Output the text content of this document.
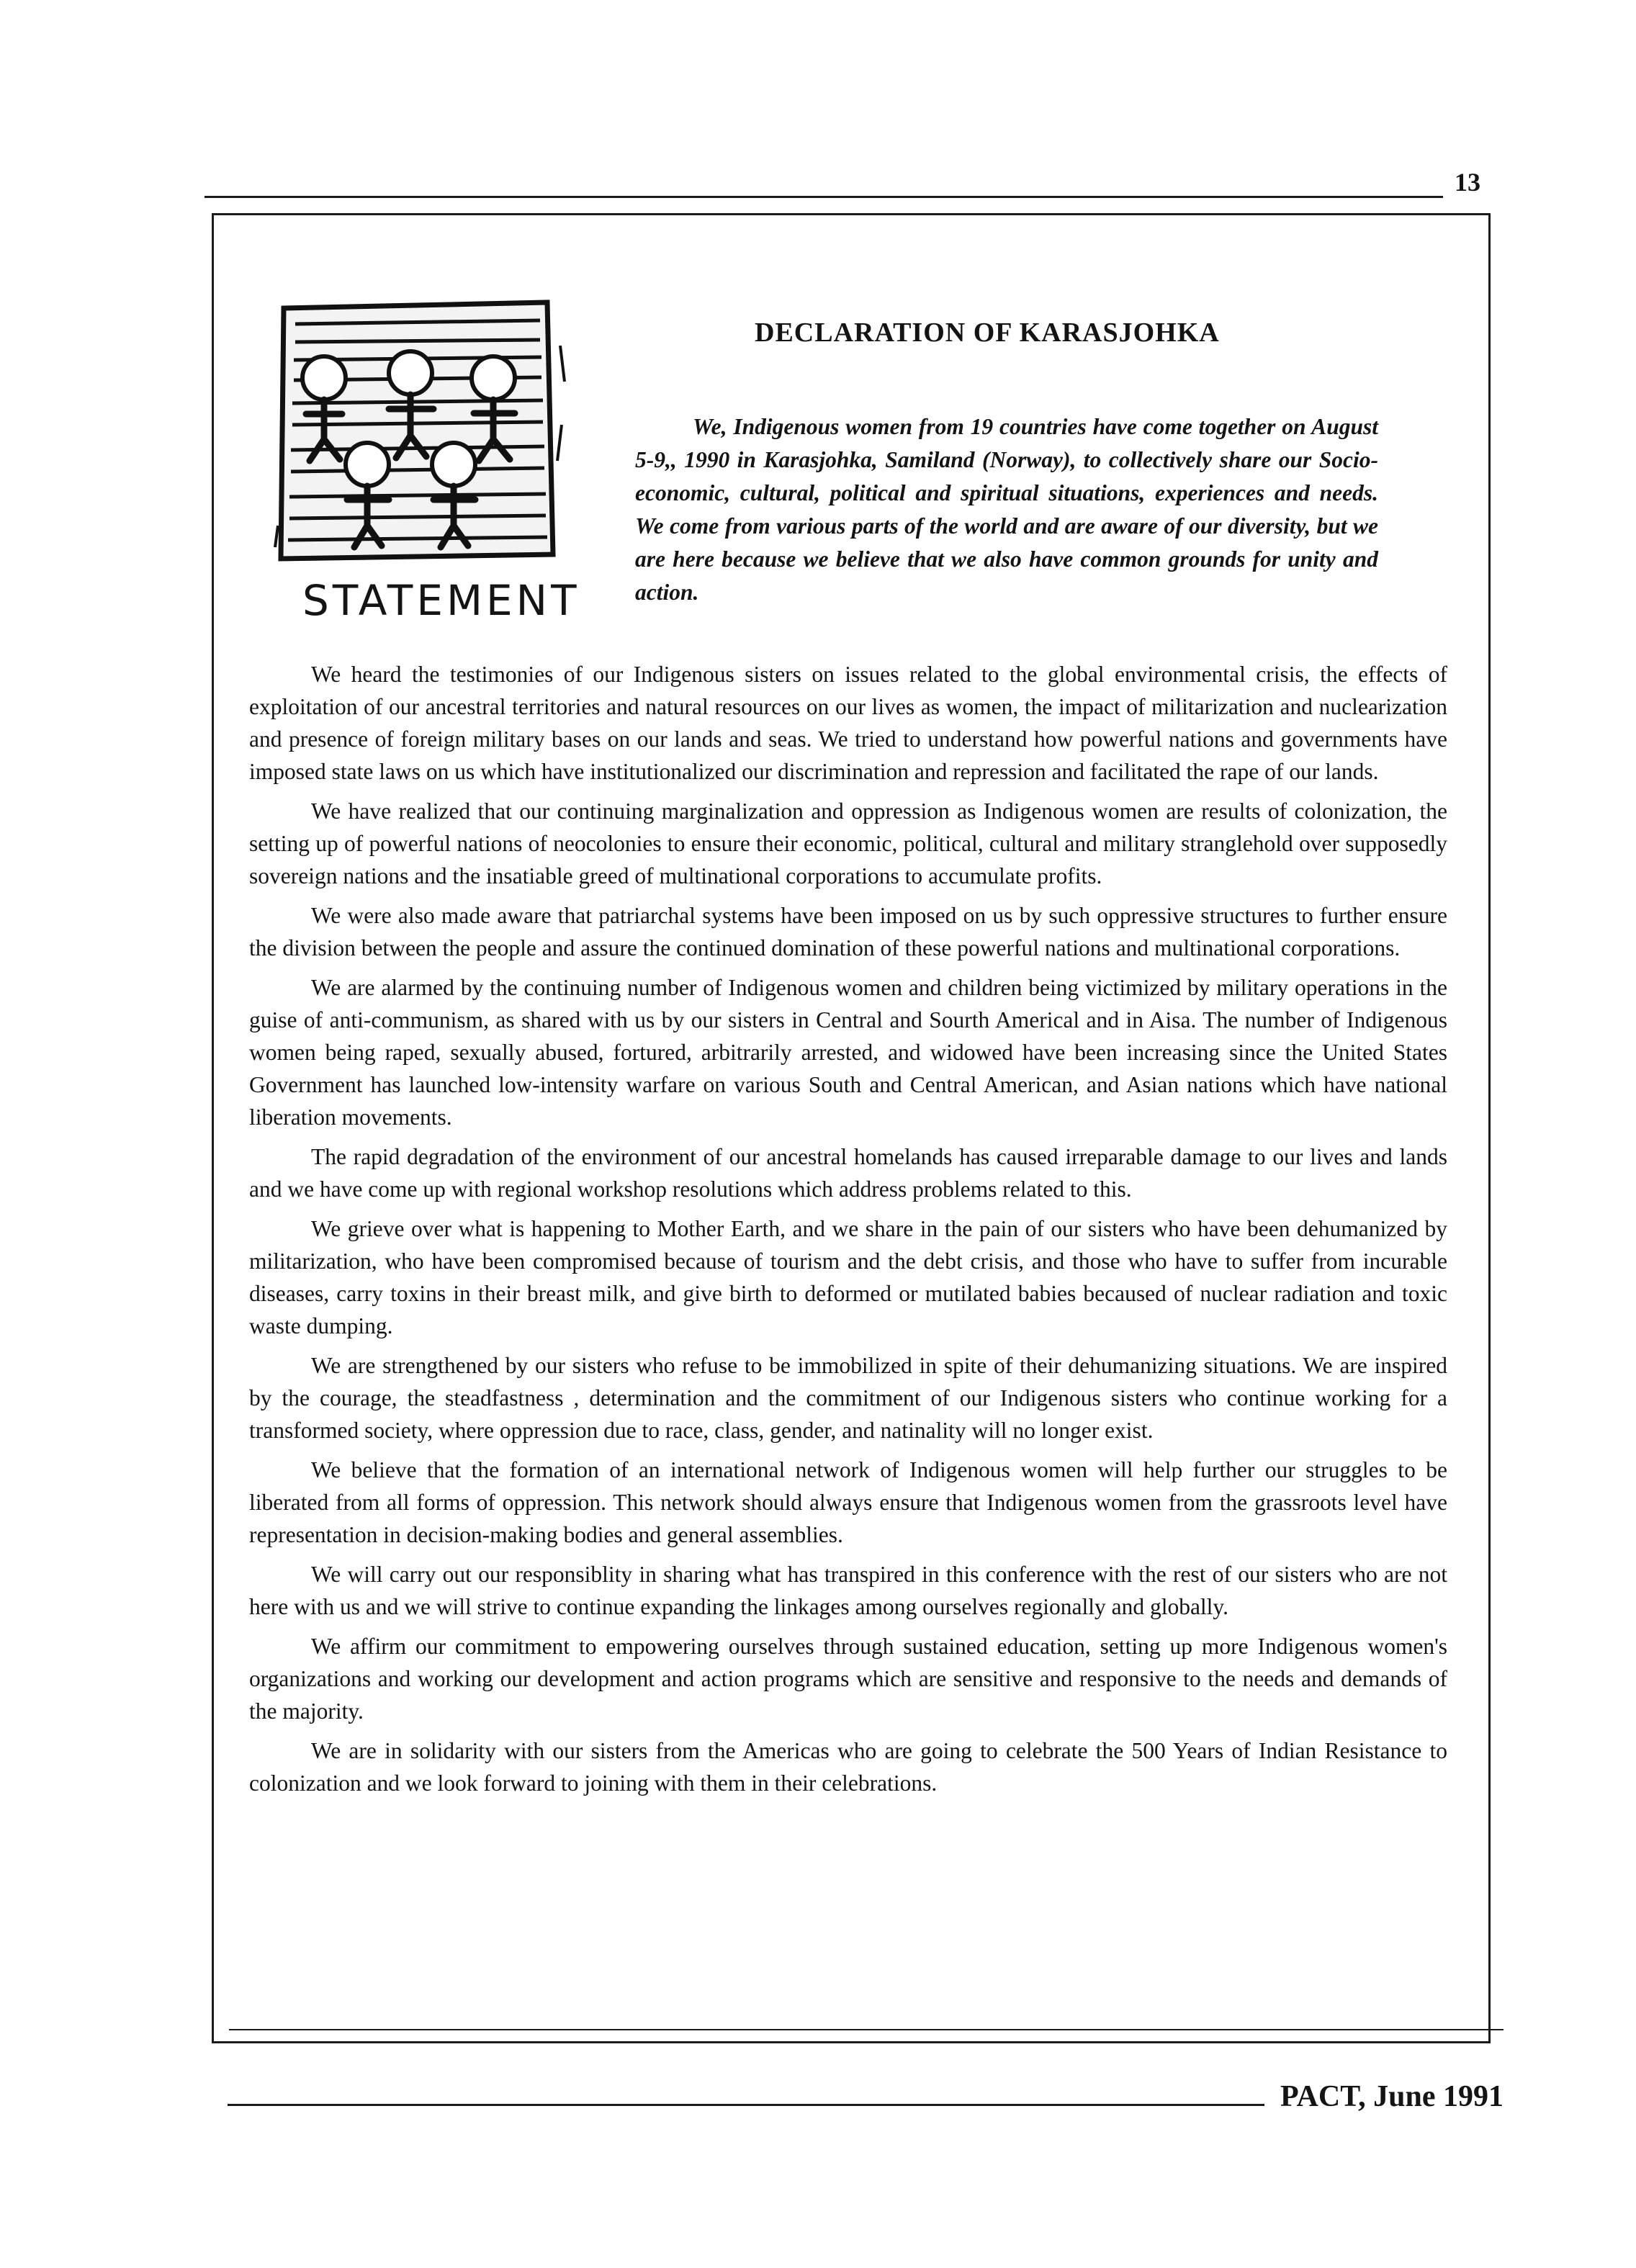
13
STATEMENT
DECLARATION OF KARASJOHKA

We, Indigenous women from 19 countries have come together on August 5-9,, 1990 in Karasjohka, Samiland (Norway), to collectively share our Socio-economic, cultural, political and spiritual situations, experiences and needs. We come from various parts of the world and are aware of our diversity, but we are here because we believe that we also have common grounds for unity and action.

We heard the testimonies of our Indigenous sisters on issues related to the global environmental crisis, the effects of exploitation of our ancestral territories and natural resources on our lives as women, the impact of militarization and nuclearization and presence of foreign military bases on our lands and seas. We tried to understand how powerful nations and governments have imposed state laws on us which have institutionalized our discrimination and repression and facilitated the rape of our lands.

We have realized that our continuing marginalization and oppression as Indigenous women are results of colonization, the setting up of powerful nations of neocolonies to ensure their economic, political, cultural and military stranglehold over supposedly sovereign nations and the insatiable greed of multinational corporations to accumulate profits.

We were also made aware that patriarchal systems have been imposed on us by such oppressive structures to further ensure the division between the people and assure the continued domination of these powerful nations and multinational corporations.

We are alarmed by the continuing number of Indigenous women and children being victimized by military operations in the guise of anti-communism, as shared with us by our sisters in Central and Sourth Americal and in Aisa. The number of Indigenous women being raped, sexually abused, fortured, arbitrarily arrested, and widowed have been increasing since the United States Government has launched low-intensity warfare on various South and Central American, and Asian nations which have national liberation movements.

The rapid degradation of the environment of our ancestral homelands has caused irreparable damage to our lives and lands and we have come up with regional workshop resolutions which address problems related to this.

We grieve over what is happening to Mother Earth, and we share in the pain of our sisters who have been dehumanized by militarization, who have been compromised because of tourism and the debt crisis, and those who have to suffer from incurable diseases, carry toxins in their breast milk, and give birth to deformed or mutilated babies becaused of nuclear radiation and toxic waste dumping.

We are strengthened by our sisters who refuse to be immobilized in spite of their dehumanizing situations. We are inspired by the courage, the steadfastness , determination and the commitment of our Indigenous sisters who continue working for a transformed society, where oppression due to race, class, gender, and natinality will no longer exist.

We believe that the formation of an international network of Indigenous women will help further our struggles to be liberated from all forms of oppression. This network should always ensure that Indigenous women from the grassroots level have representation in decision-making bodies and general assemblies.

We will carry out our responsiblity in sharing what has transpired in this conference with the rest of our sisters who are not here with us and we will strive to continue expanding the linkages among ourselves regionally and globally.

We affirm our commitment to empowering ourselves through sustained education, setting up more Indigenous women's organizations and working our development and action programs which are sensitive and responsive to the needs and demands of the majority.

We are in solidarity with our sisters from the Americas who are going to celebrate the 500 Years of Indian Resistance to colonization and we look forward to joining with them in their celebrations.

PACT, June 1991
